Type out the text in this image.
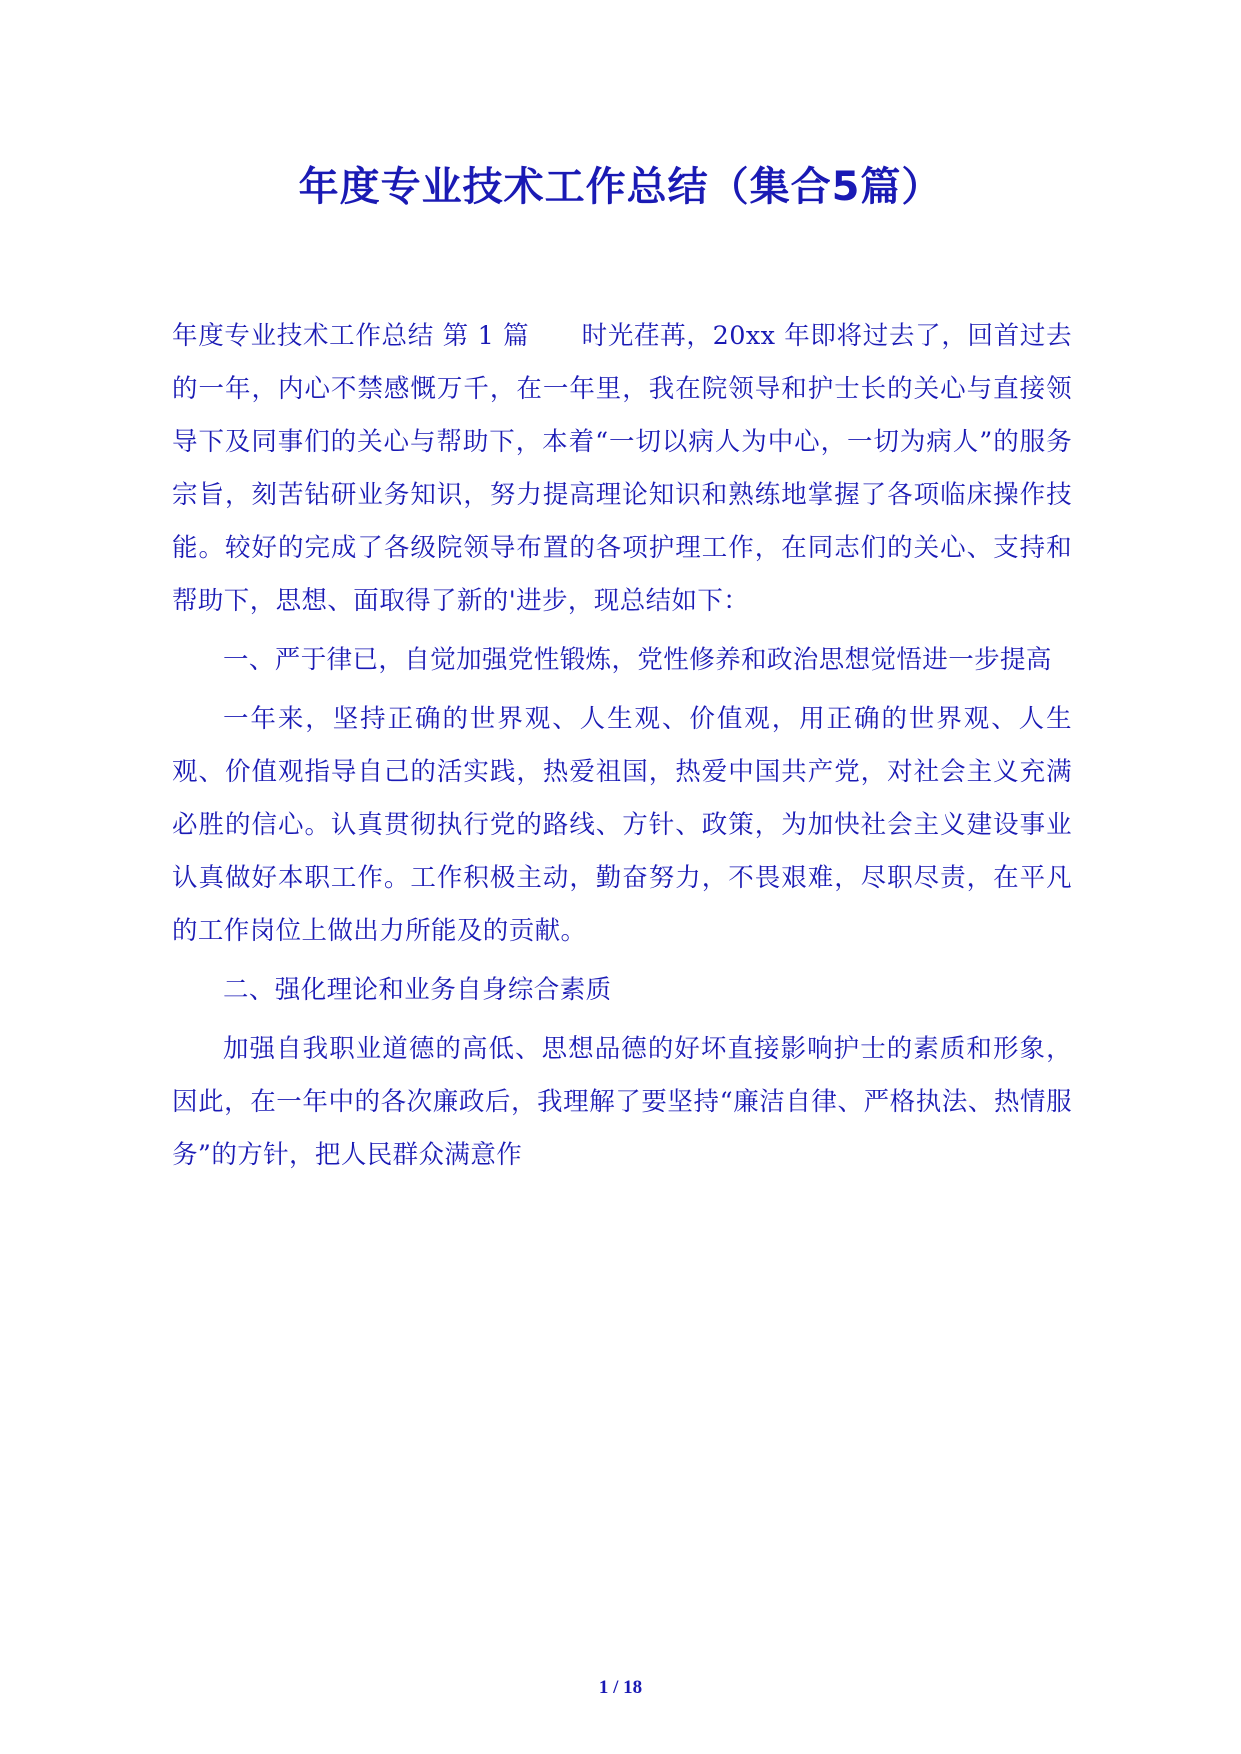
年度专业技术工作总结（集合5篇）

年度专业技术工作总结 第 1 篇　　时光荏苒，20xx 年即将过去了，回首过去的一年，内心不禁感慨万千，在一年里，我在院领导和护士长的关心与直接领导下及同事们的关心与帮助下，本着“一切以病人为中心，一切为病人”的服务宗旨，刻苦钻研业务知识，努力提高理论知识和熟练地掌握了各项临床操作技能。较好的完成了各级院领导布置的各项护理工作，在同志们的关心、支持和帮助下，思想、面取得了新的'进步，现总结如下：

一、严于律已，自觉加强党性锻炼，党性修养和政治思想觉悟进一步提高

一年来，坚持正确的世界观、人生观、价值观，用正确的世界观、人生观、价值观指导自己的活实践，热爱祖国，热爱中国共产党，对社会主义充满必胜的信心。认真贯彻执行党的路线、方针、政策，为加快社会主义建设事业认真做好本职工作。工作积极主动，勤奋努力，不畏艰难，尽职尽责，在平凡的工作岗位上做出力所能及的贡献。

二、强化理论和业务自身综合素质

加强自我职业道德的高低、思想品德的好坏直接影响护士的素质和形象，因此，在一年中的各次廉政后，我理解了要坚持“廉洁自律、严格执法、热情服务”的方针，把人民群众满意作

1 / 18
